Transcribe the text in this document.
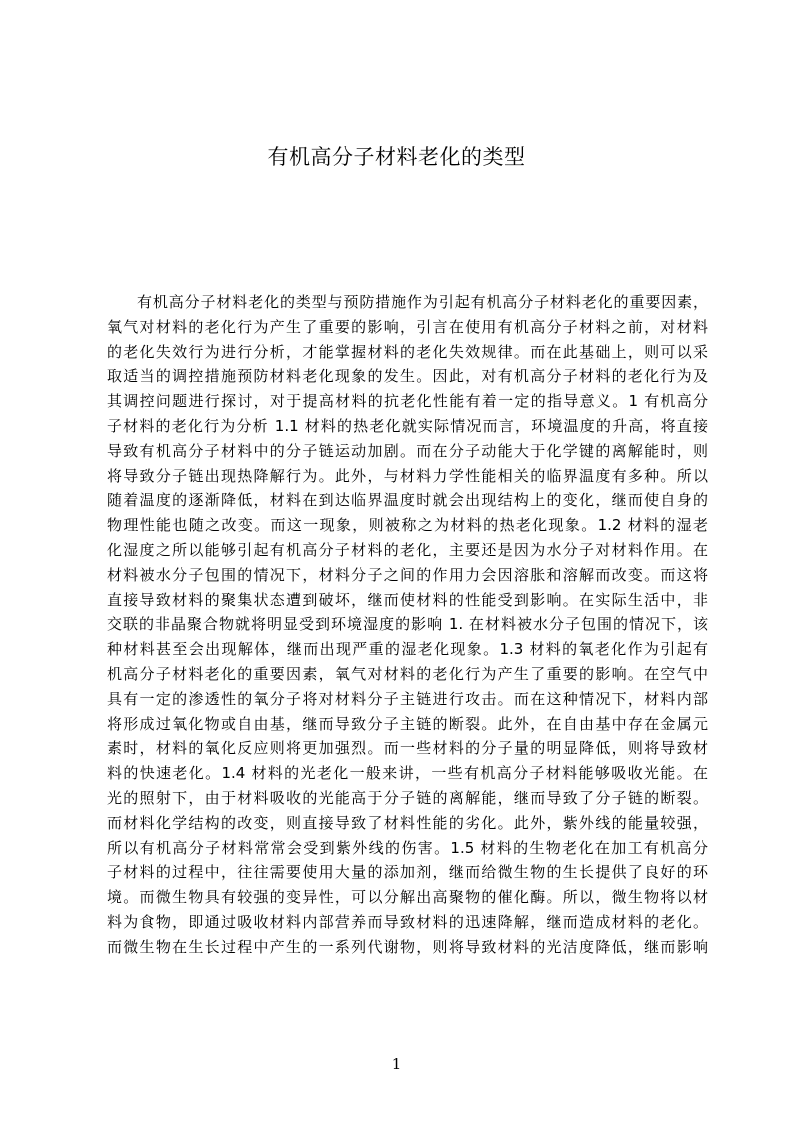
有机高分子材料老化的类型
有机高分子材料老化的类型与预防措施作为引起有机高分子材料老化的重要因素，
氧气对材料的老化行为产生了重要的影响，引言在使用有机高分子材料之前，对材料
的老化失效行为进行分析，才能掌握材料的老化失效规律。而在此基础上，则可以采
取适当的调控措施预防材料老化现象的发生。因此，对有机高分子材料的老化行为及
其调控问题进行探讨，对于提高材料的抗老化性能有着一定的指导意义。1 有机高分
子材料的老化行为分析 1.1 材料的热老化就实际情况而言，环境温度的升高，将直接
导致有机高分子材料中的分子链运动加剧。而在分子动能大于化学键的离解能时，则
将导致分子链出现热降解行为。此外，与材料力学性能相关的临界温度有多种。所以
随着温度的逐渐降低，材料在到达临界温度时就会出现结构上的变化，继而使自身的
物理性能也随之改变。而这一现象，则被称之为材料的热老化现象。1.2 材料的湿老
化湿度之所以能够引起有机高分子材料的老化，主要还是因为水分子对材料作用。在
材料被水分子包围的情况下，材料分子之间的作用力会因溶胀和溶解而改变。而这将
直接导致材料的聚集状态遭到破坏，继而使材料的性能受到影响。在实际生活中，非
交联的非晶聚合物就将明显受到环境湿度的影响 1. 在材料被水分子包围的情况下，该
种材料甚至会出现解体，继而出现严重的湿老化现象。1.3 材料的氧老化作为引起有
机高分子材料老化的重要因素，氧气对材料的老化行为产生了重要的影响。在空气中
具有一定的渗透性的氧分子将对材料分子主链进行攻击。而在这种情况下，材料内部
将形成过氧化物或自由基，继而导致分子主链的断裂。此外，在自由基中存在金属元
素时，材料的氧化反应则将更加强烈。而一些材料的分子量的明显降低，则将导致材
料的快速老化。1.4 材料的光老化一般来讲，一些有机高分子材料能够吸收光能。在
光的照射下，由于材料吸收的光能高于分子链的离解能，继而导致了分子链的断裂。
而材料化学结构的改变，则直接导致了材料性能的劣化。此外，紫外线的能量较强，
所以有机高分子材料常常会受到紫外线的伤害。1.5 材料的生物老化在加工有机高分
子材料的过程中，往往需要使用大量的添加剂，继而给微生物的生长提供了良好的环
境。而微生物具有较强的变异性，可以分解出高聚物的催化酶。所以，微生物将以材
料为食物，即通过吸收材料内部营养而导致材料的迅速降解，继而造成材料的老化。
而微生物在生长过程中产生的一系列代谢物，则将导致材料的光洁度降低，继而影响
1
